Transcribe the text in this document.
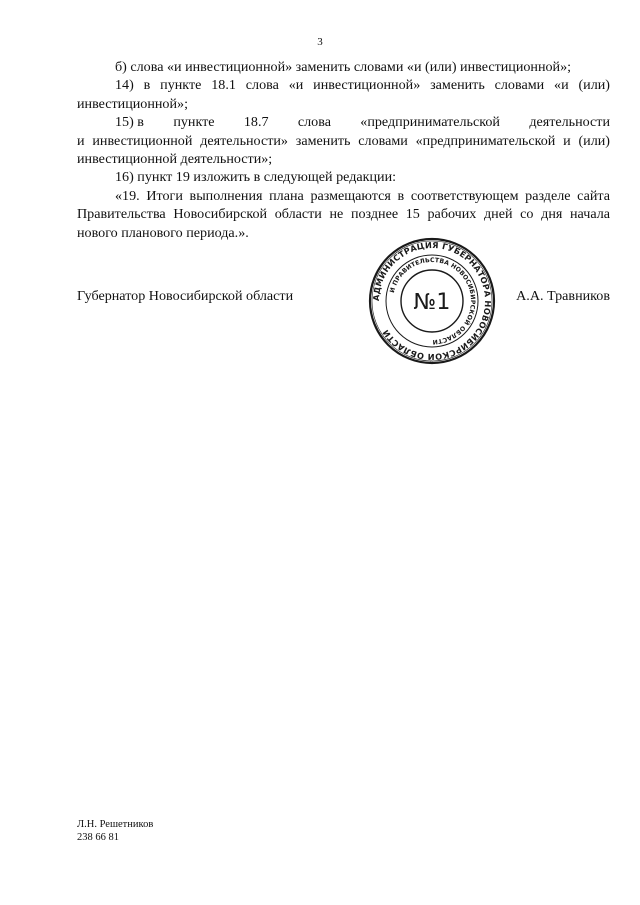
3

б) слова «и инвестиционной» заменить словами «и (или) инвестиционной»;

14) в пункте 18.1 слова «и инвестиционной» заменить словами «и (или) инвестиционной»;

15) в пункте 18.7 слова «предпринимательской деятельности

и инвестиционной деятельности» заменить словами «предпринимательской и (или) инвестиционной деятельности»;

16) пункт 19 изложить в следующей редакции:

«19. Итоги выполнения плана размещаются в соответствующем разделе сайта Правительства Новосибирской области не позднее 15 рабочих дней со дня начала нового планового периода.».

Губернатор Новосибирской области	А.А. Травников
АДМИНИСТРАЦИЯ ГУБЕРНАТОРА НОВОСИБИРСКОЙ ОБЛАСТИ
И ПРАВИТЕЛЬСТВА НОВОСИБИРСКОЙ ОБЛАСТИ
№1
Л.Н. Решетников
238 66 81
